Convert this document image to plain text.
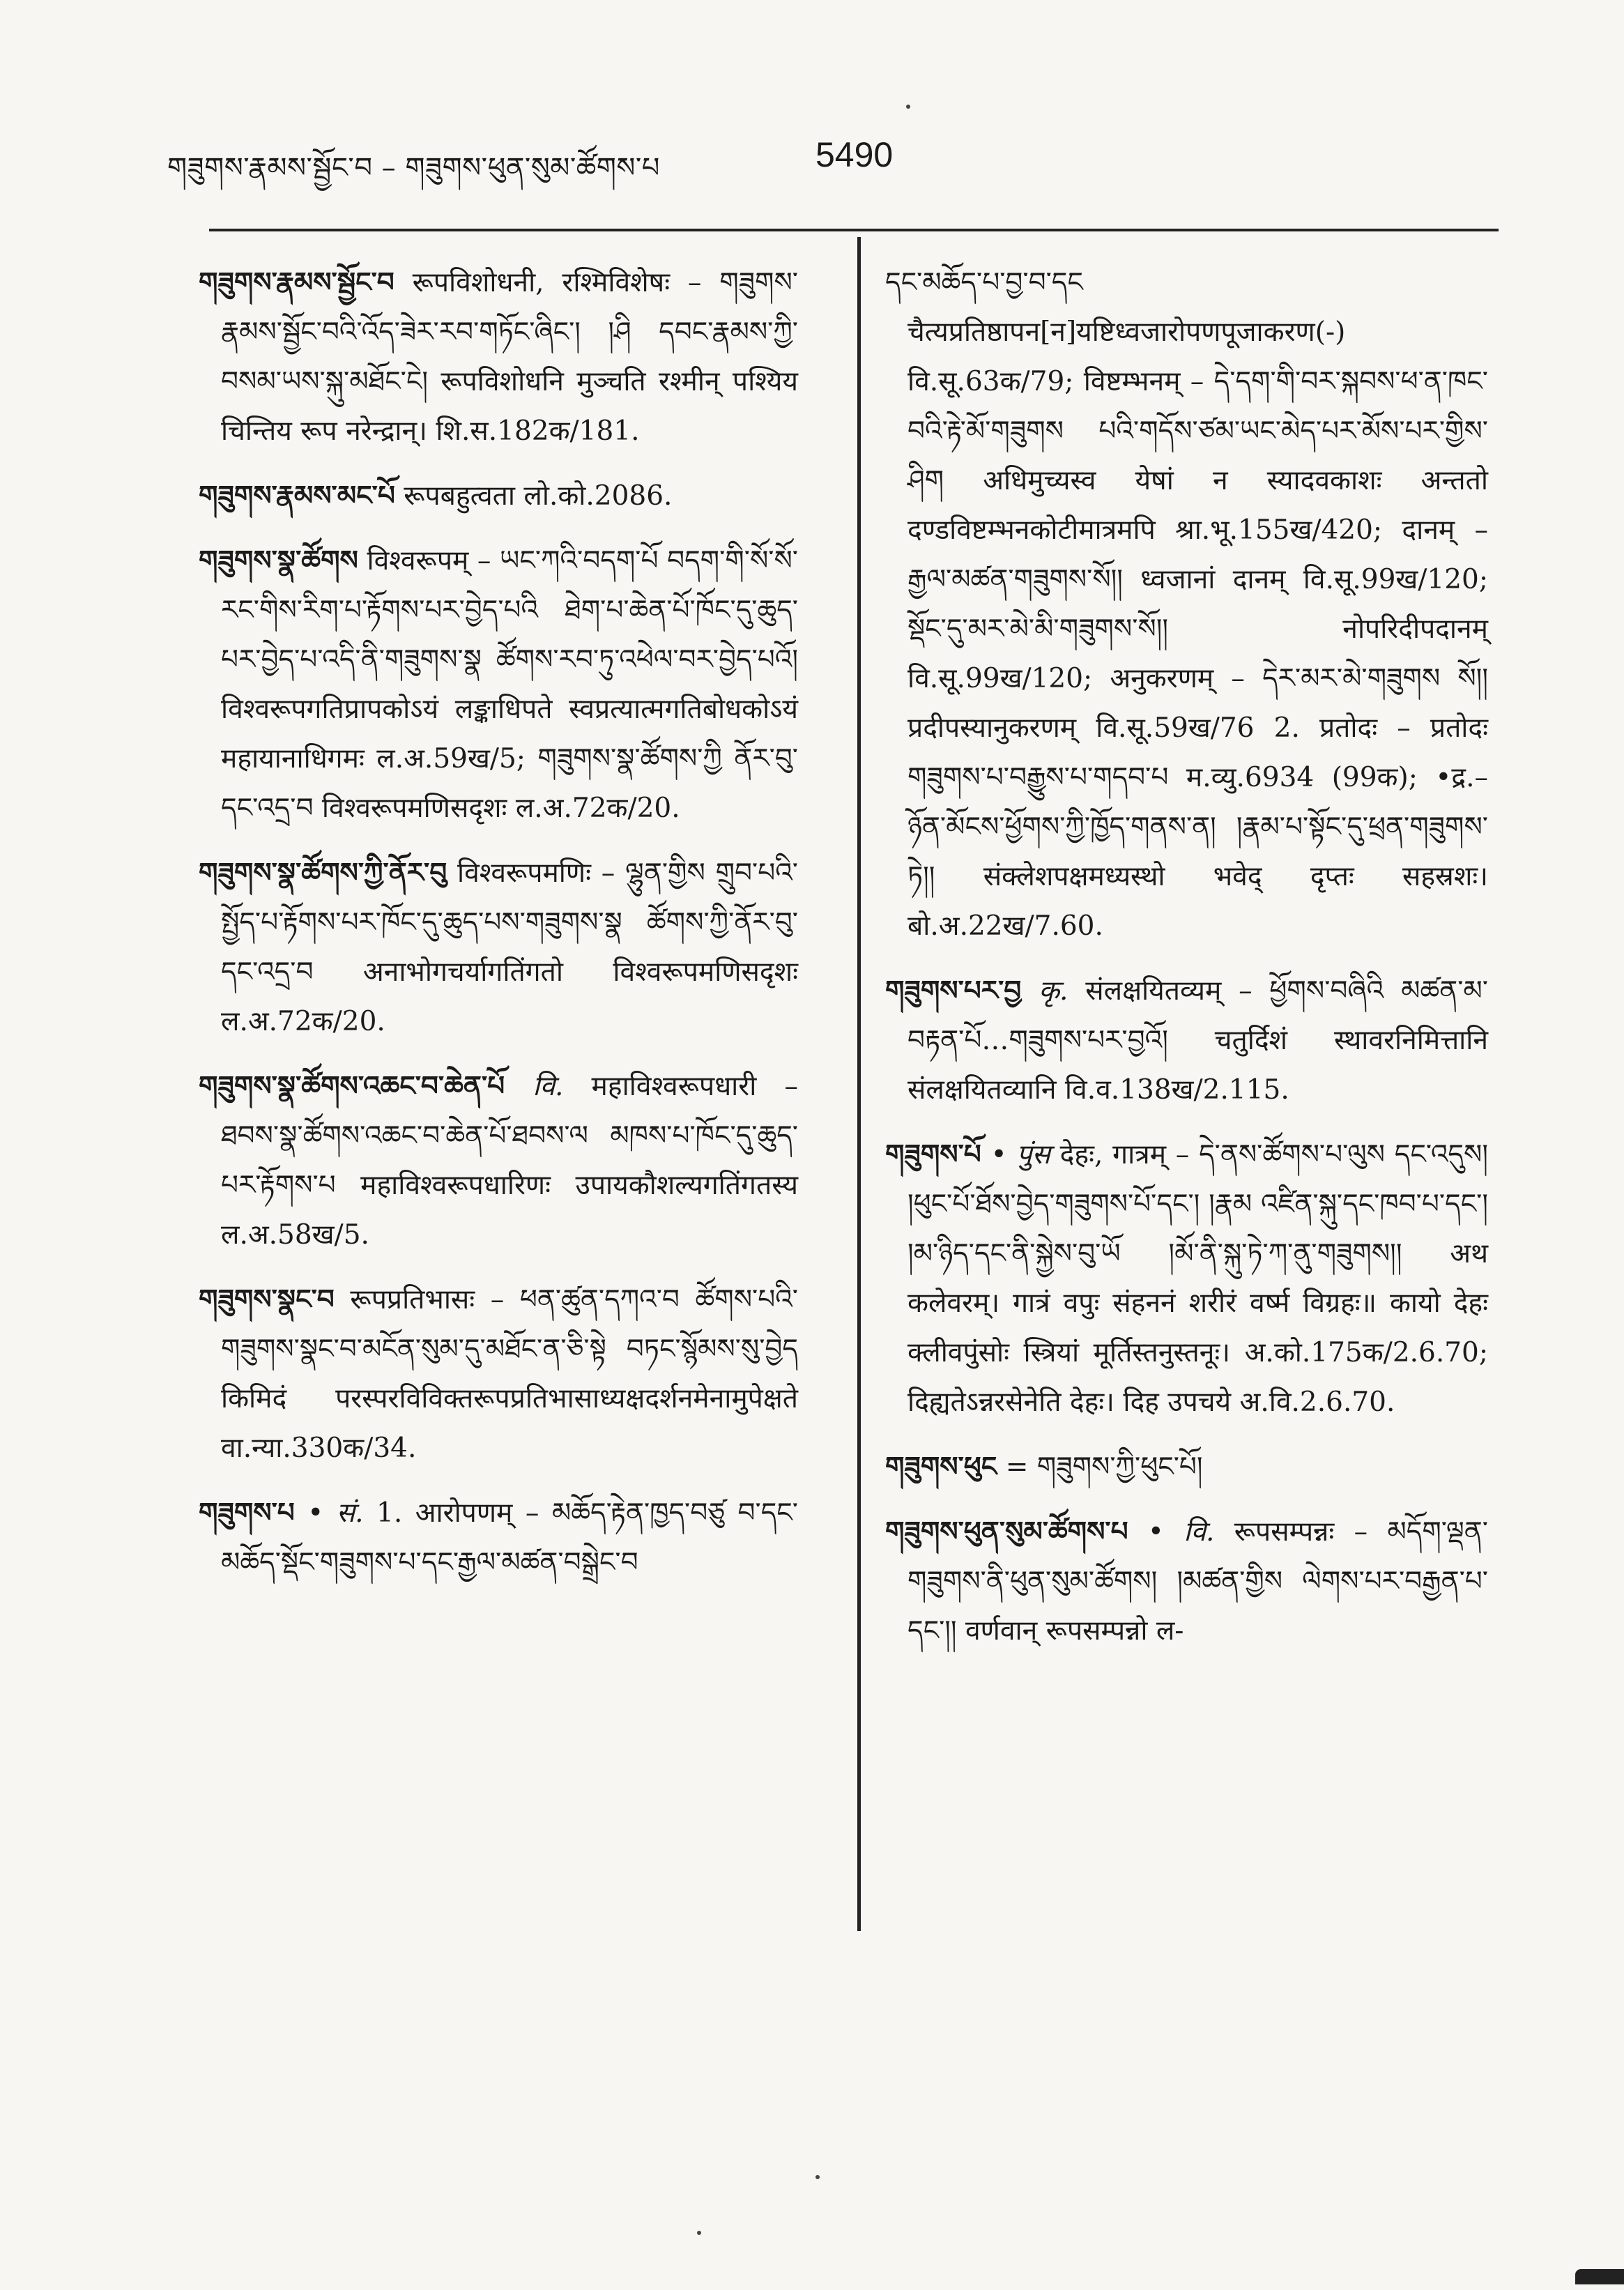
གཟུགས་རྣམས་སྦྱོང་བ – གཟུགས་ཕུན་སུམ་ཚོགས་པ	5490

གཟུགས་རྣམས་སྦྱོང་བ रूपविशोधनी, रश्मिविशेषः – གཟུགས་རྣམས་སྦྱོང་བའི་འོད་ཟེར་རབ་གཏོང་ཞིང་། །ཤི དབང་རྣམས་ཀྱི་བསམ་ཡས་སྐུ་མཐོང་ངེ། रूपविशोधनि मुञ्चति रश्मीन् पश्यिय चिन्तिय रूप नरेन्द्रान्। शि.स.182क/181.

གཟུགས་རྣམས་མང་པོ रूपबहुत्वता लो.को.2086.

གཟུགས་སྣ་ཚོགས विश्वरूपम् – ཡང་ཀའི་བདག་པོ བདག་གི་སོ་སོ་རང་གིས་རིག་པ་རྟོགས་པར་བྱེད་པའི ཐེག་པ་ཆེན་པོ་ཁོང་དུ་ཆུད་པར་བྱེད་པ་འདི་ནི་གཟུགས་སྣ ཚོགས་རབ་ཏུ་འཕེལ་བར་བྱེད་པའོ། विश्वरूपगतिप्रापकोऽयं लङ्काधिपते स्वप्रत्यात्मगतिबोधकोऽयं महायानाधिगमः ल.अ.59ख/5; གཟུགས་སྣ་ཚོགས་ཀྱི ནོར་བུ་དང་འདྲ་བ विश्वरूपमणिसदृशः ल.अ.72क/20.

གཟུགས་སྣ་ཚོགས་ཀྱི་ནོར་བུ विश्वरूपमणिः – ལྷུན་གྱིས གྲུབ་པའི་སྤྱོད་པ་རྟོགས་པར་ཁོང་དུ་ཆུད་པས་གཟུགས་སྣ ཚོགས་ཀྱི་ནོར་བུ་དང་འདྲ་བ अनाभोगचर्यागतिंगतो विश्वरूपमणिसदृशः ल.अ.72क/20.

གཟུགས་སྣ་ཚོགས་འཆང་བ་ཆེན་པོ वि. महाविश्वरूपधारी – ཐབས་སྣ་ཚོགས་འཆང་བ་ཆེན་པོ་ཐབས་ལ མཁས་པ་ཁོང་དུ་ཆུད་པར་རྟོགས་པ महाविश्वरूपधारिणः उपायकौशल्यगतिंगतस्य ल.अ.58ख/5.

གཟུགས་སྣང་བ रूपप्रतिभासः – ཕན་ཚུན་དཀའ་བ ཚོགས་པའི་གཟུགས་སྣང་བ་མངོན་སུམ་དུ་མཐོང་ན་ཅི་སྟེ བཏང་སྙོམས་སུ་བྱེད किमिदं परस्परविविक्तरूपप्रतिभासाध्यक्षदर्शनमेनामुपेक्षते वा.न्या.330क/34.

གཟུགས་པ • सं. 1. आरोपणम् – མཆོད་རྟེན་ཁྱད་བཙུ བ་དང་མཆོད་སྡོང་གཟུགས་པ་དང་རྒྱལ་མཚན་བསྒྲེང་བ

དང་མཆོད་པ་བྱ་བ་དང चैत्यप्रतिष्ठापन[न]यष्टिध्वजारोपणपूजाकरण(-) वि.सू.63क/79; विष्टम्भनम् – དེ་དག་གི་བར་སྐབས་ཕ་ན་ཁང་བའི་རྟེ་མོ་གཟུགས པའི་གདོས་ཙམ་ཡང་མེད་པར་མོས་པར་གྱིས་ཤིག अधिमुच्यस्व येषां न स्यादवकाशः अन्ततो दण्डविष्टम्भनकोटीमात्रमपि श्रा.भू.155ख/420; दानम् – རྒྱལ་མཚན་གཟུགས་སོ།། ध्वजानां दानम् वि.सू.99ख/120; སྡོང་དུ་མར་མེ་མི་གཟུགས་སོ།། नोपरिदीपदानम् वि.सू.99ख/120; अनुकरणम् – དེར་མར་མེ་གཟུགས སོ།། प्रदीपस्यानुकरणम् वि.सू.59ख/76 2. प्रतोदः – प्रतोदः གཟུགས་པ་བརྒྱུས་པ་གདབ་པ म.व्यु.6934 (99क); •द्र.– ཉོན་མོངས་ཕྱོགས་ཀྱི་ཁྱོད་གནས་ན། །རྣམ་པ་སྟོང་དུ་ཕྲན་གཟུགས་ཏེ།། संक्लेशपक्षमध्यस्थो भवेद् दृप्तः सहस्रशः। बो.अ.22ख/7.60.

གཟུགས་པར་བྱ कृ. संलक्षयितव्यम् – ཕྱོགས་བཞིའི མཚན་མ་བརྟན་པོ…གཟུགས་པར་བྱའོ། चतुर्दिशं स्थावरनिमित्तानि संलक्षयितव्यानि वि.व.138ख/2.115.

གཟུགས་པོ • पुंस देहः, गात्रम् – དེ་ནས་ཚོགས་པ་ལུས དང་འདུས། །ཕུང་པོ་ཐོས་བྱེད་གཟུགས་པོ་དང་། །རྣམ འཛིན་སྐུ་དང་ཁབ་པ་དང་། །མ་ཉིད་དང་ནི་སྐྱེས་བུ་ཡོ །མོ་ནི་སྐུ་ཏེ་ཀ་ནུ་གཟུགས།། अथ कलेवरम्। गात्रं वपुः संहननं शरीरं वर्ष्म विग्रहः॥ कायो देहः क्लीवपुंसोः स्त्रियां मूर्तिस्तनुस्तनूः। अ.को.175क/2.6.70; दिह्यतेऽन्नरसेनेति देहः। दिह उपचये अ.वि.2.6.70.

གཟུགས་ཕུང = གཟུགས་ཀྱི་ཕུང་པོ།

གཟུགས་ཕུན་སུམ་ཚོགས་པ • वि. रूपसम्पन्नः – མདོག་ལྡན་གཟུགས་ནི་ཕུན་སུམ་ཚོགས། །མཚན་གྱིས ལེགས་པར་བརྒྱན་པ་དང་།། वर्णवान् रूपसम्पन्नो ल-
